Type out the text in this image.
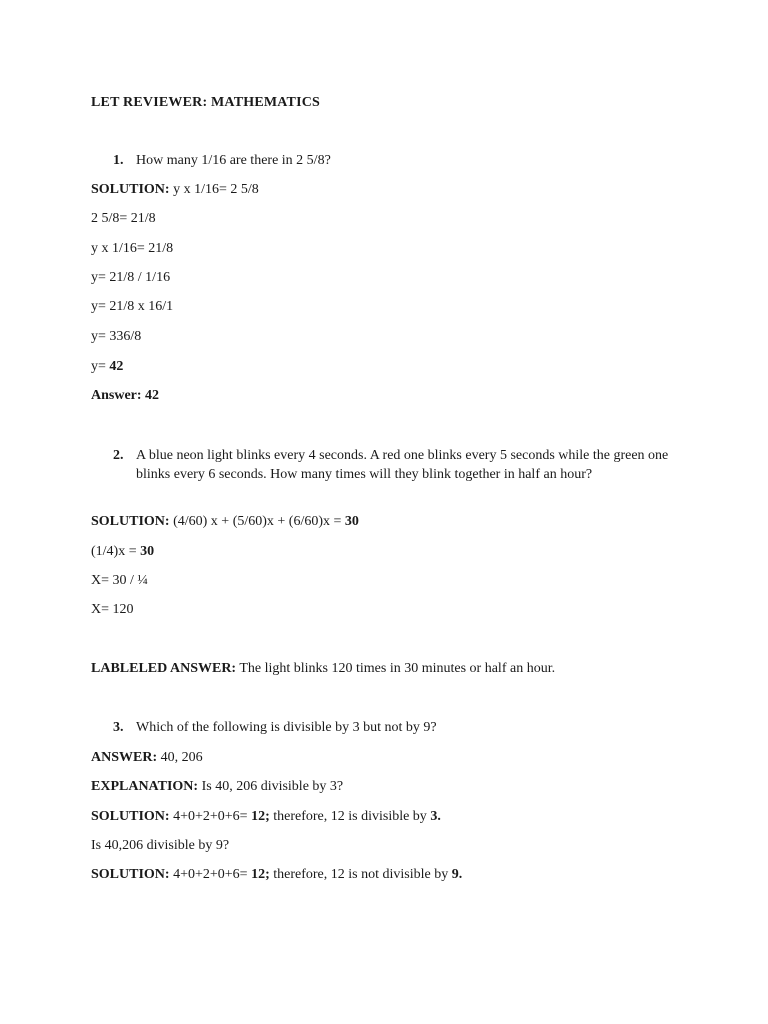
LET REVIEWER: MATHEMATICS
1. How many 1/16 are there in 2 5/8?
SOLUTION: y x 1/16= 2 5/8
2 5/8= 21/8
y x 1/16= 21/8
y= 21/8 / 1/16
y= 21/8 x 16/1
y= 336/8
y= 42
Answer: 42
2. A blue neon light blinks every 4 seconds. A red one blinks every 5 seconds while the green one blinks every 6 seconds. How many times will they blink together in half an hour?
SOLUTION: (4/60) x + (5/60)x + (6/60)x = 30
(1/4)x = 30
X= 30 / ¼
X= 120
LABLELED ANSWER: The light blinks 120 times in 30 minutes or half an hour.
3. Which of the following is divisible by 3 but not by 9?
ANSWER: 40, 206
EXPLANATION: Is 40, 206 divisible by 3?
SOLUTION: 4+0+2+0+6= 12; therefore, 12 is divisible by 3.
Is 40,206 divisible by 9?
SOLUTION: 4+0+2+0+6= 12; therefore, 12 is not divisible by 9.
